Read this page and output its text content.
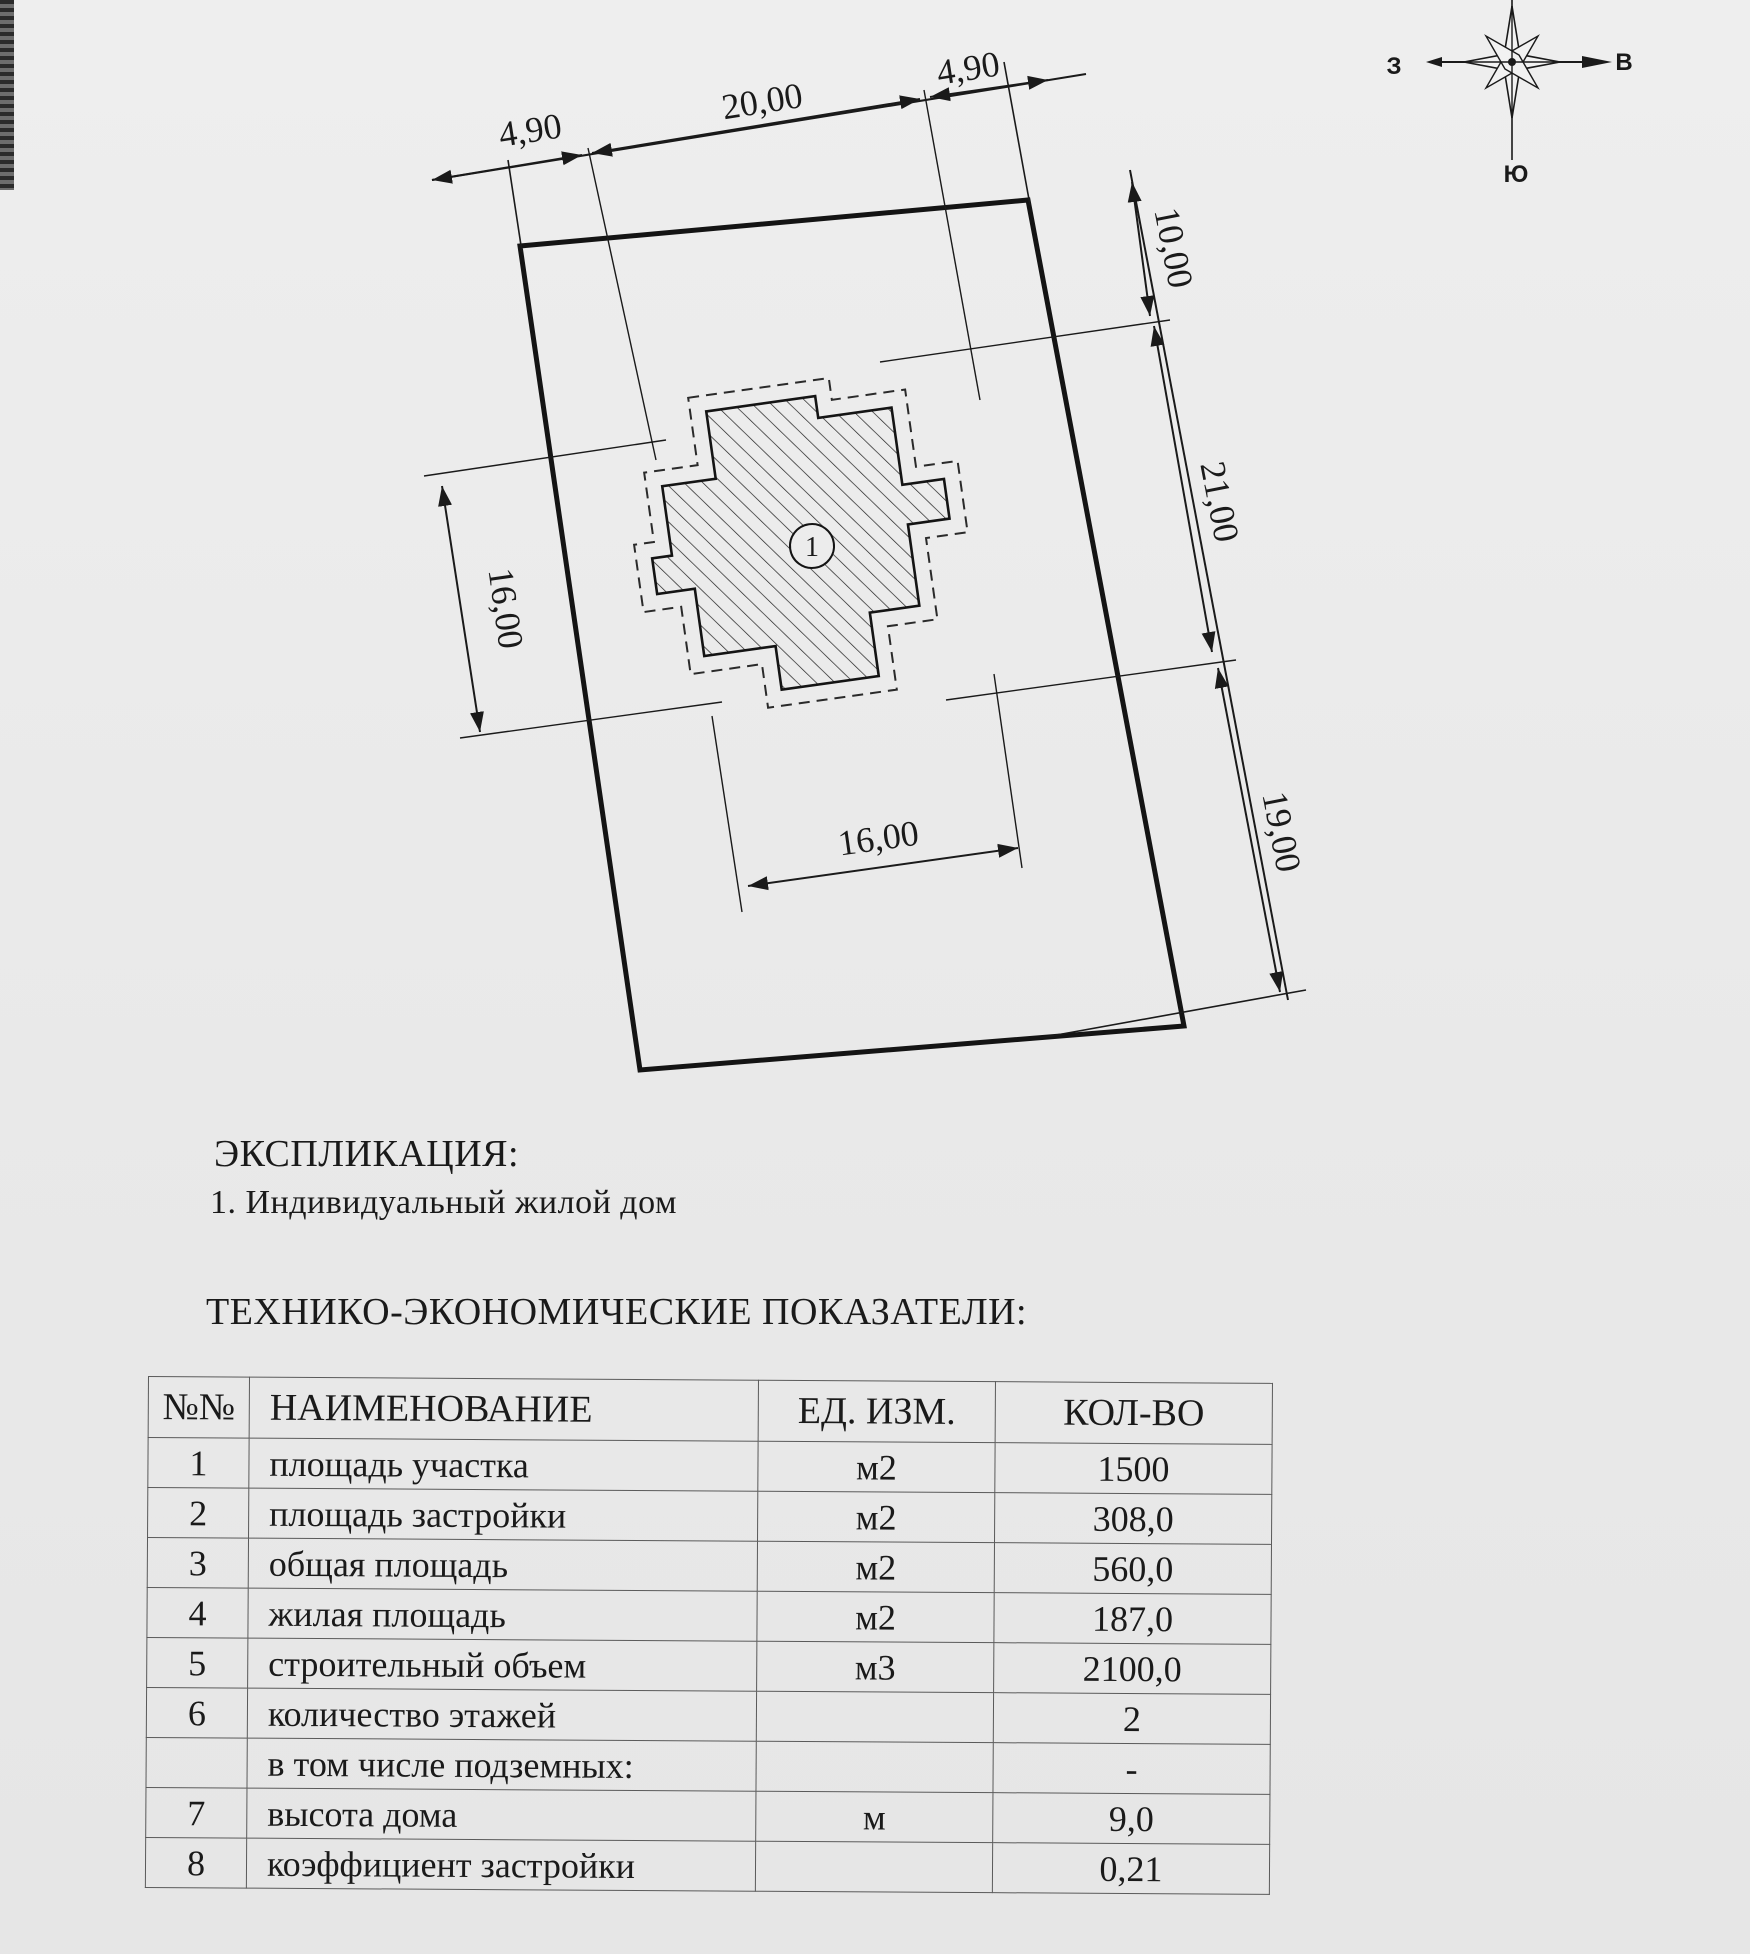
1
4,90
20,00
4,90
10,00
21,00
19,00
16,00
16,00
З	В
Ю
ЭКСПЛИКАЦИЯ:
1. Индивидуальный жилой дом
ТЕХНИКО-ЭКОНОМИЧЕСКИЕ ПОКАЗАТЕЛИ:
№№	НАИМЕНОВАНИЕ	ЕД. ИЗМ.	КОЛ-ВО
1	площадь участка	м2	1500
2	площадь застройки	м2	308,0
3	общая площадь	м2	560,0
4	жилая площадь	м2	187,0
5	строительный объем	м3	2100,0
6	количество этажей		2
	в том числе подземных:		-
7	высота дома	м	9,0
8	коэффициент застройки		0,21
